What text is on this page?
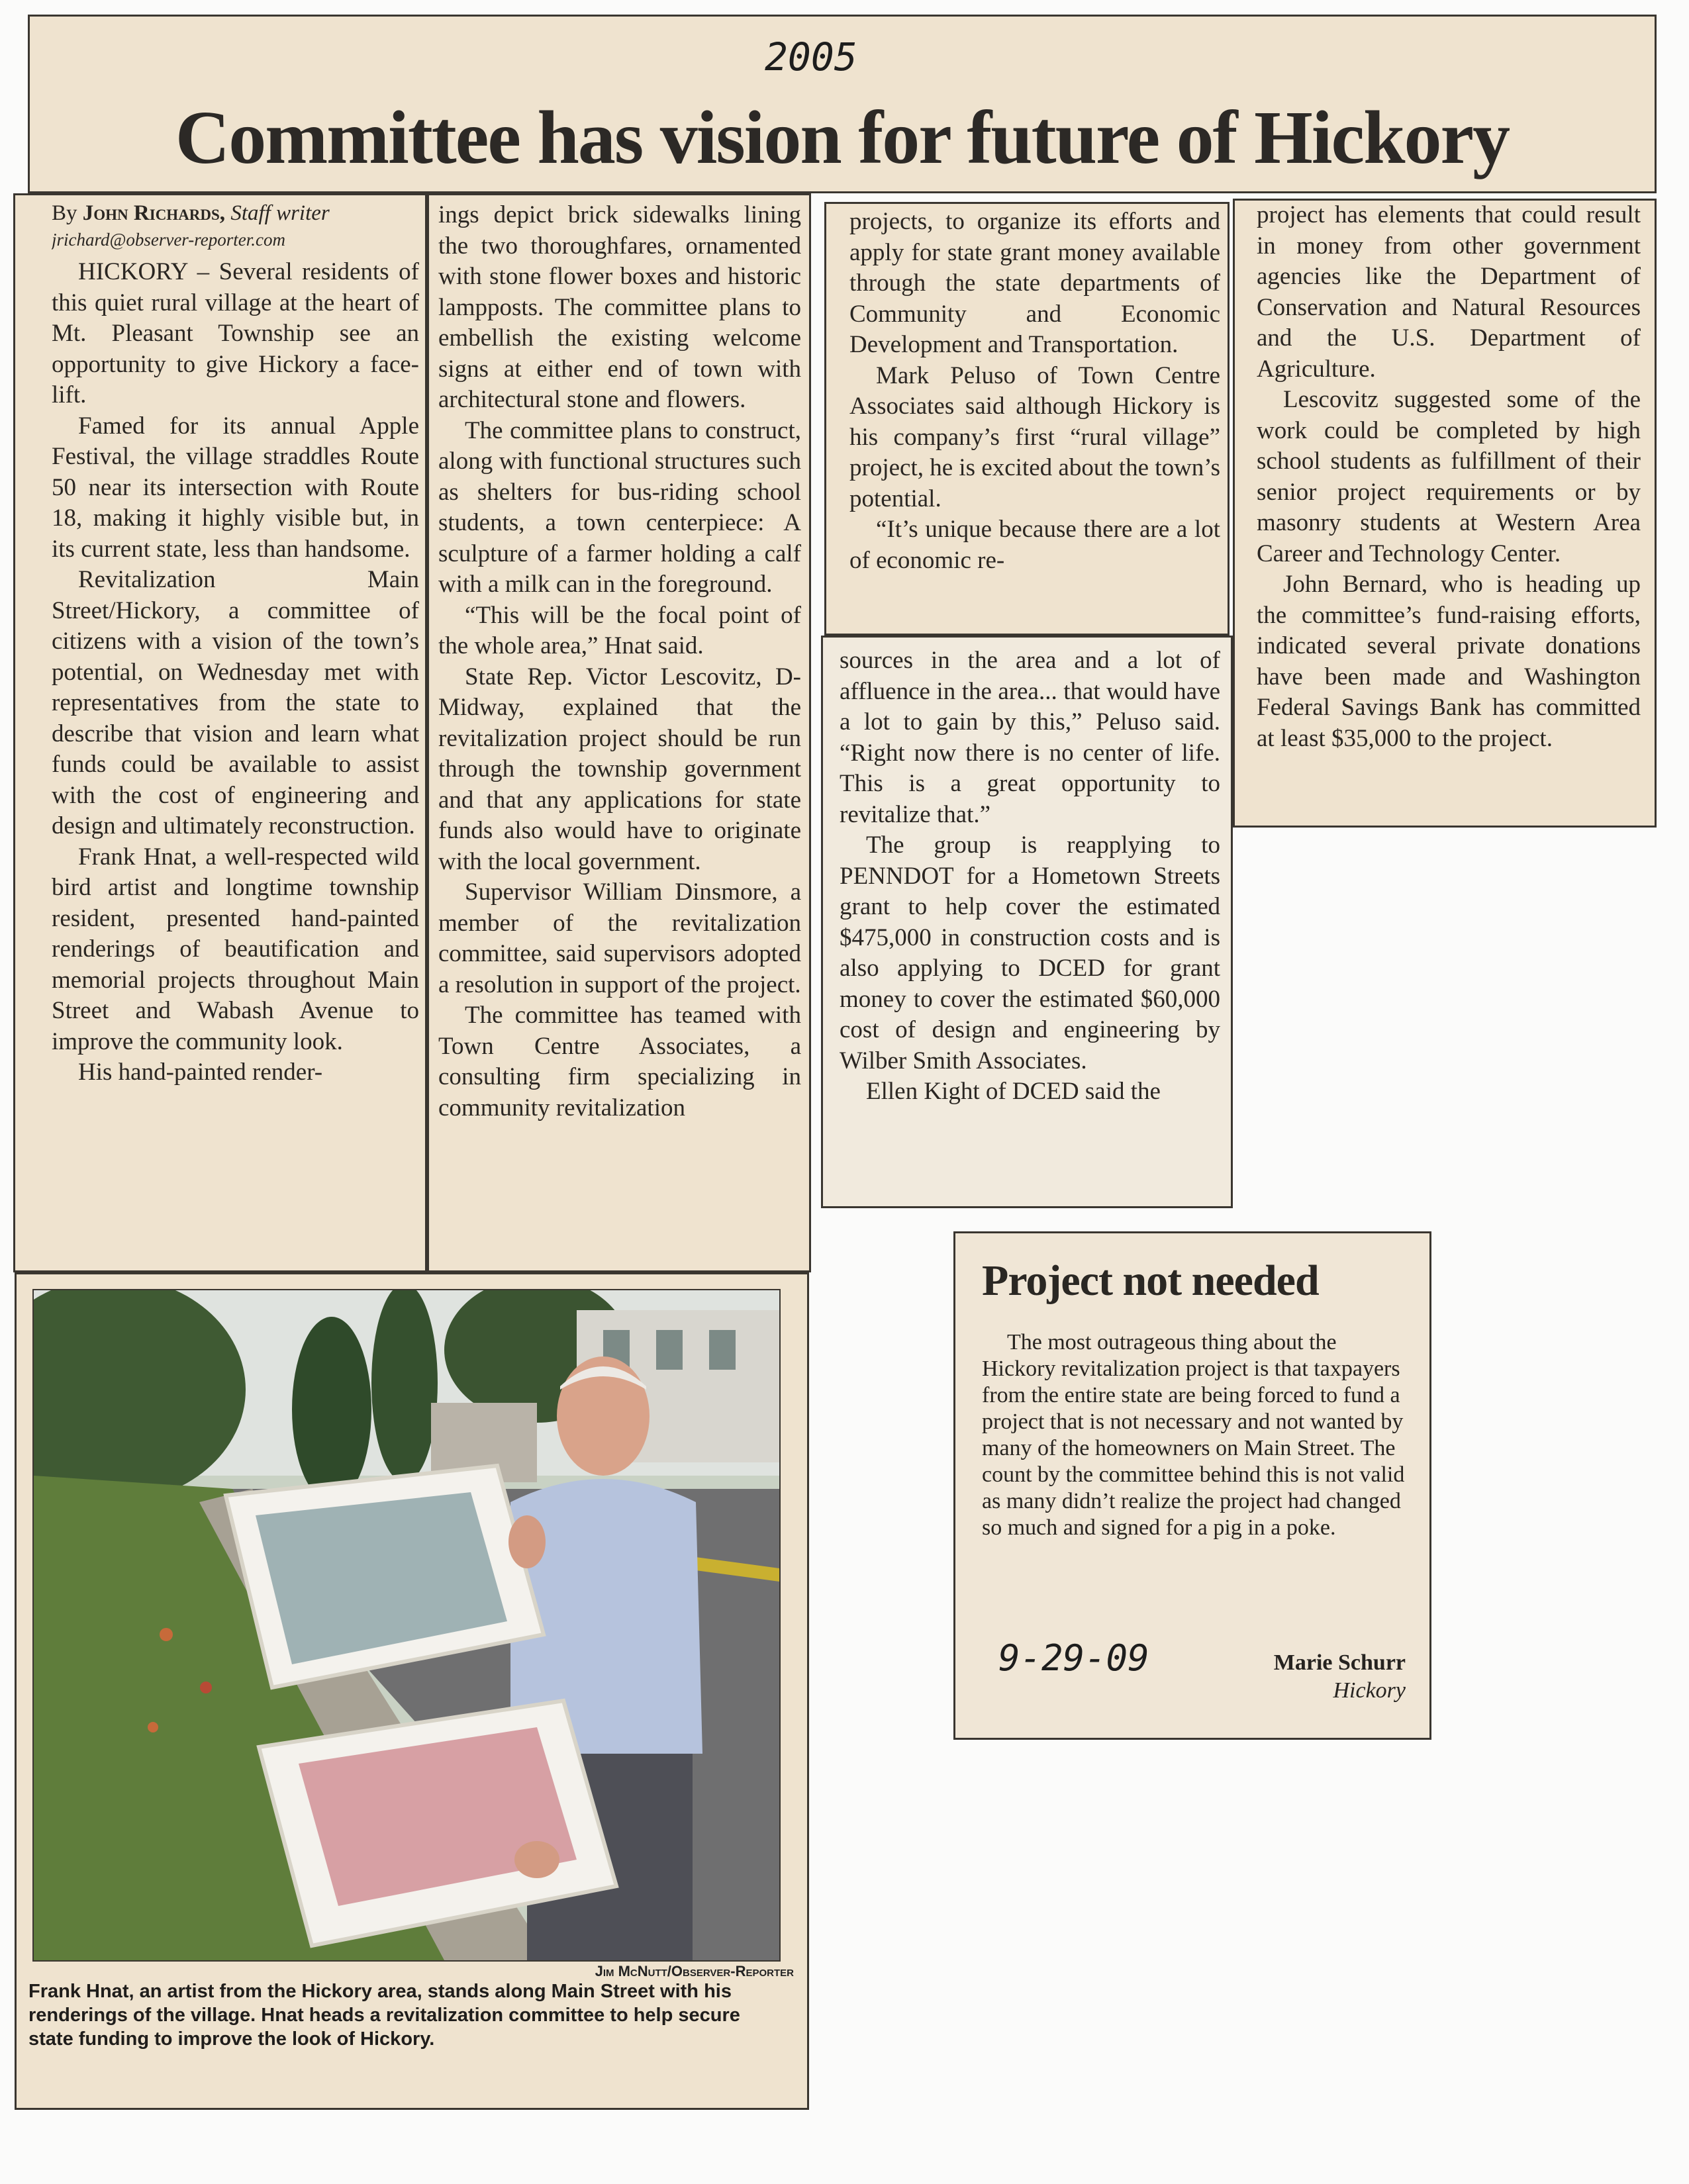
Committee has vision for future of Hickory
2005

By John Richards, Staff writer

jrichard@observer-reporter.com

HICKORY – Several residents of this quiet rural village at the heart of Mt. Pleasant Township see an opportunity to give Hickory a face-lift.

Famed for its annual Apple Festival, the village straddles Route 50 near its intersection with Route 18, making it highly visible but, in its current state, less than handsome.

Revitalization Main Street/Hickory, a committee of citizens with a vision of the town’s potential, on Wednesday met with representatives from the state to describe that vision and learn what funds could be available to assist with the cost of engineering and design and ultimately reconstruction.

Frank Hnat, a well-respected wild bird artist and longtime township resident, presented hand-painted renderings of beautification and memorial projects throughout Main Street and Wabash Avenue to improve the community look.

His hand-painted render-

ings depict brick sidewalks lining the two thoroughfares, ornamented with stone flower boxes and historic lampposts. The committee plans to embellish the existing welcome signs at either end of town with architectural stone and flowers.

The committee plans to construct, along with functional structures such as shelters for bus-riding school students, a town centerpiece: A sculpture of a farmer holding a calf with a milk can in the foreground.

“This will be the focal point of the whole area,” Hnat said.

State Rep. Victor Lescovitz, D-Midway, explained that the revitalization project should be run through the township government and that any applications for state funds also would have to originate with the local government.

Supervisor William Dinsmore, a member of the revitalization committee, said supervisors adopted a resolution in support of the project.

The committee has teamed with Town Centre Associates, a consulting firm specializing in community revitalization

projects, to organize its efforts and apply for state grant money available through the state departments of Community and Economic Development and Transportation.

Mark Peluso of Town Centre Associates said although Hickory is his company’s first “rural village” project, he is excited about the town’s potential.

“It’s unique because there are a lot of economic re-

sources in the area and a lot of affluence in the area... that would have a lot to gain by this,” Peluso said. “Right now there is no center of life. This is a great opportunity to revitalize that.”

The group is reapplying to PENNDOT for a Hometown Streets grant to help cover the estimated $475,000 in construction costs and is also applying to DCED for grant money to cover the estimated $60,000 cost of design and engineering by Wilber Smith Associates.

Ellen Kight of DCED said the

project has elements that could result in money from other government agencies like the Department of Conservation and Natural Resources and the U.S. Department of Agriculture.

Lescovitz suggested some of the work could be completed by high school students as fulfillment of their senior project requirements or by masonry students at Western Area Career and Technology Center.

John Bernard, who is heading up the committee’s fund-raising efforts, indicated several private donations have been made and Washington Federal Savings Bank has committed at least $35,000 to the project.

Jim McNutt/Observer-Reporter

Frank Hnat, an artist from the Hickory area, stands along Main Street with his renderings of the village. Hnat heads a revitalization committee to help secure state funding to improve the look of Hickory.

Project not needed

The most outrageous thing about the Hickory revitalization project is that taxpayers from the entire state are being forced to fund a project that is not necessary and not wanted by many of the homeowners on Main Street. The count by the committee behind this is not valid as many didn’t realize the project had changed so much and signed for a pig in a poke.

9-29-09	Marie Schurr
Hickory
